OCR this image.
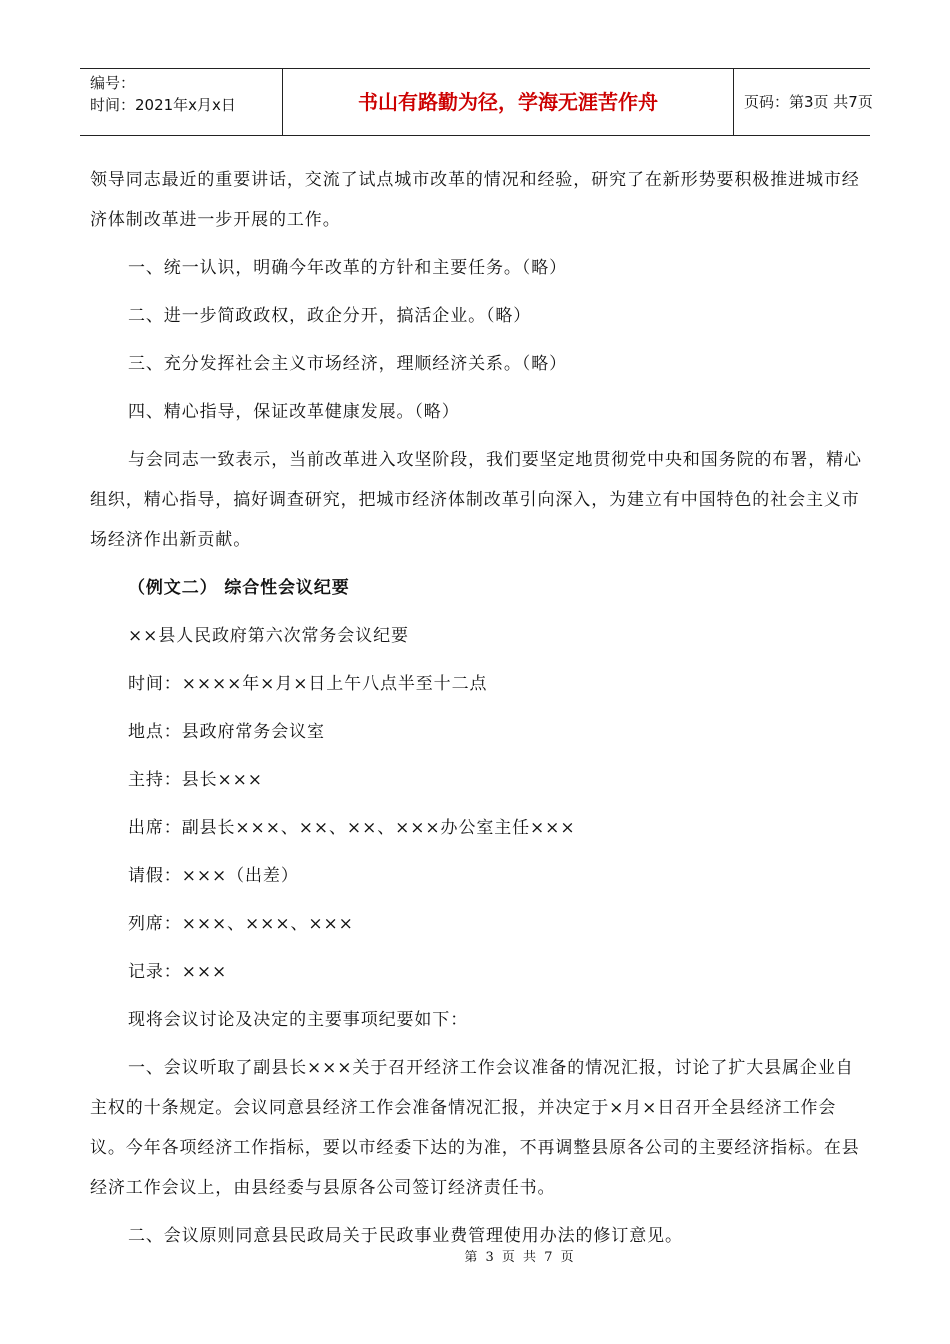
编号：
时间：2021年x月x日	书山有路勤为径，学海无涯苦作舟	页码：第3页 共7页

领导同志最近的重要讲话，交流了试点城市改革的情况和经验，研究了在新形势要积极推进城市经济体制改革进一步开展的工作。

一、统一认识，明确今年改革的方针和主要任务。（略）

二、进一步简政政权，政企分开，搞活企业。（略）

三、充分发挥社会主义市场经济，理顺经济关系。（略）

四、精心指导，保证改革健康发展。（略）

与会同志一致表示，当前改革进入攻坚阶段，我们要坚定地贯彻党中央和国务院的布署，精心组织，精心指导，搞好调查研究，把城市经济体制改革引向深入，为建立有中国特色的社会主义市场经济作出新贡献。

（例文二） 综合性会议纪要

××县人民政府第六次常务会议纪要

时间：××××年×月×日上午八点半至十二点

地点：县政府常务会议室

主持：县长×××

出席：副县长×××、××、××、×××办公室主任×××

请假：×××（出差）

列席：×××、×××、×××

记录：×××

现将会议讨论及决定的主要事项纪要如下：

一、会议听取了副县长×××关于召开经济工作会议准备的情况汇报，讨论了扩大县属企业自主权的十条规定。会议同意县经济工作会准备情况汇报，并决定于×月×日召开全县经济工作会议。今年各项经济工作指标，要以市经委下达的为准，不再调整县原各公司的主要经济指标。在县经济工作会议上，由县经委与县原各公司签订经济责任书。

二、会议原则同意县民政局关于民政事业费管理使用办法的修订意见。

第 3 页 共 7 页
